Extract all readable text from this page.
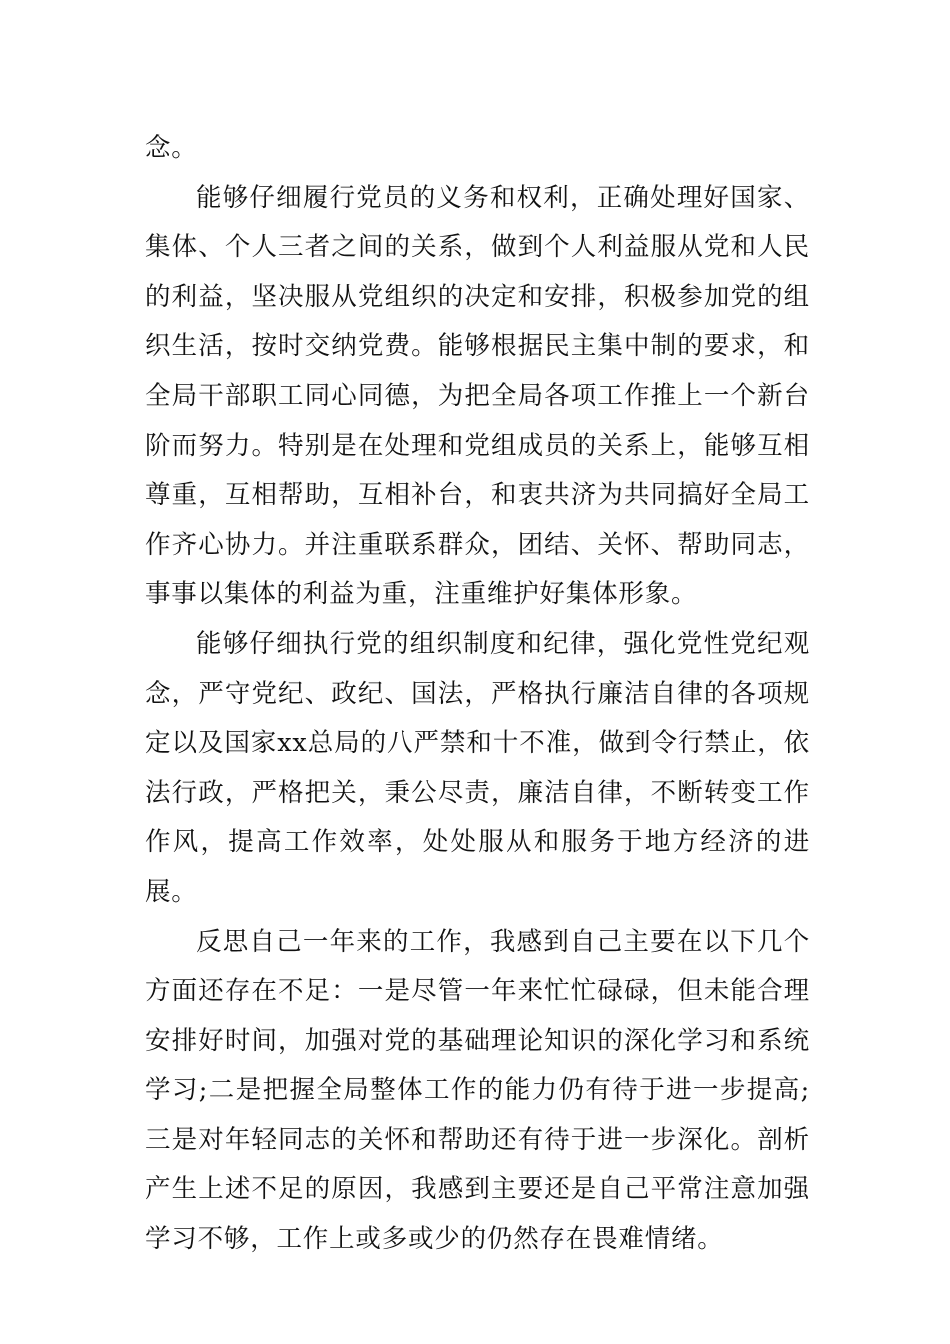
念。

能够仔细履行党员的义务和权利，正确处理好国家、集体、个人三者之间的关系，做到个人利益服从党和人民的利益，坚决服从党组织的决定和安排，积极参加党的组织生活，按时交纳党费。能够根据民主集中制的要求，和全局干部职工同心同德，为把全局各项工作推上一个新台阶而努力。特别是在处理和党组成员的关系上，能够互相尊重，互相帮助，互相补台，和衷共济为共同搞好全局工作齐心协力。并注重联系群众，团结、关怀、帮助同志，事事以集体的利益为重，注重维护好集体形象。

能够仔细执行党的组织制度和纪律，强化党性党纪观念，严守党纪、政纪、国法，严格执行廉洁自律的各项规定以及国家xx总局的八严禁和十不准，做到令行禁止，依法行政，严格把关，秉公尽责，廉洁自律，不断转变工作作风，提高工作效率，处处服从和服务于地方经济的进展。

反思自己一年来的工作，我感到自己主要在以下几个方面还存在不足：一是尽管一年来忙忙碌碌，但未能合理安排好时间，加强对党的基础理论知识的深化学习和系统学习;二是把握全局整体工作的能力仍有待于进一步提高;三是对年轻同志的关怀和帮助还有待于进一步深化。剖析产生上述不足的原因，我感到主要还是自己平常注意加强学习不够，工作上或多或少的仍然存在畏难情绪。
